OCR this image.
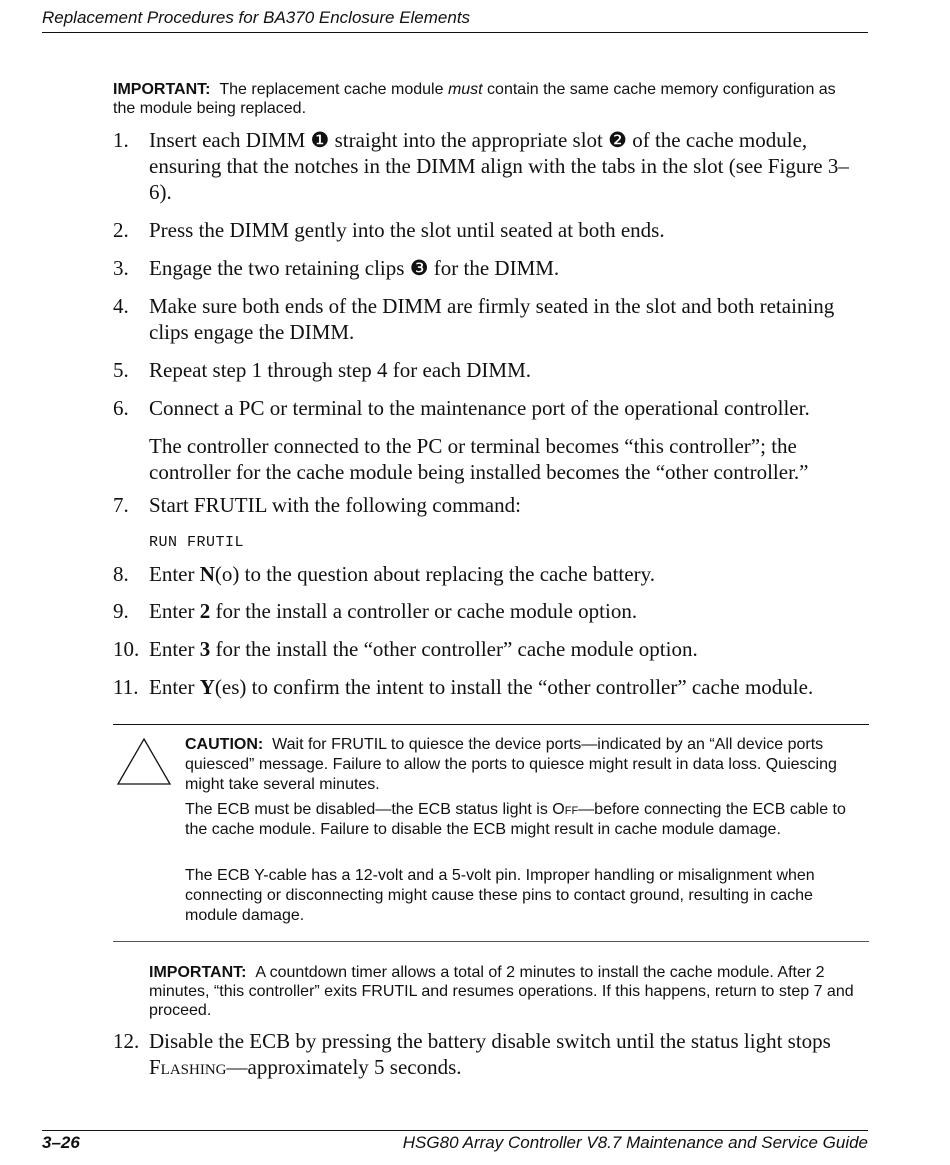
Replacement Procedures for BA370 Enclosure Elements
IMPORTANT: The replacement cache module must contain the same cache memory configuration as the module being replaced.
1. Insert each DIMM ❶ straight into the appropriate slot ❷ of the cache module, ensuring that the notches in the DIMM align with the tabs in the slot (see Figure 3–6).
2. Press the DIMM gently into the slot until seated at both ends.
3. Engage the two retaining clips ❸ for the DIMM.
4. Make sure both ends of the DIMM are firmly seated in the slot and both retaining clips engage the DIMM.
5. Repeat step 1 through step 4 for each DIMM.
6. Connect a PC or terminal to the maintenance port of the operational controller.
The controller connected to the PC or terminal becomes “this controller”; the controller for the cache module being installed becomes the “other controller.”
7. Start FRUTIL with the following command:
RUN FRUTIL
8. Enter N(o) to the question about replacing the cache battery.
9. Enter 2 for the install a controller or cache module option.
10. Enter 3 for the install the “other controller” cache module option.
11. Enter Y(es) to confirm the intent to install the “other controller” cache module.
CAUTION: Wait for FRUTIL to quiesce the device ports—indicated by an “All device ports quiesced” message. Failure to allow the ports to quiesce might result in data loss. Quiescing might take several minutes.
The ECB must be disabled—the ECB status light is Off—before connecting the ECB cable to the cache module. Failure to disable the ECB might result in cache module damage.
The ECB Y-cable has a 12-volt and a 5-volt pin. Improper handling or misalignment when connecting or disconnecting might cause these pins to contact ground, resulting in cache module damage.
IMPORTANT: A countdown timer allows a total of 2 minutes to install the cache module. After 2 minutes, “this controller” exits FRUTIL and resumes operations. If this happens, return to step 7 and proceed.
12. Disable the ECB by pressing the battery disable switch until the status light stops Flashing—approximately 5 seconds.
3–26	HSG80 Array Controller V8.7 Maintenance and Service Guide
